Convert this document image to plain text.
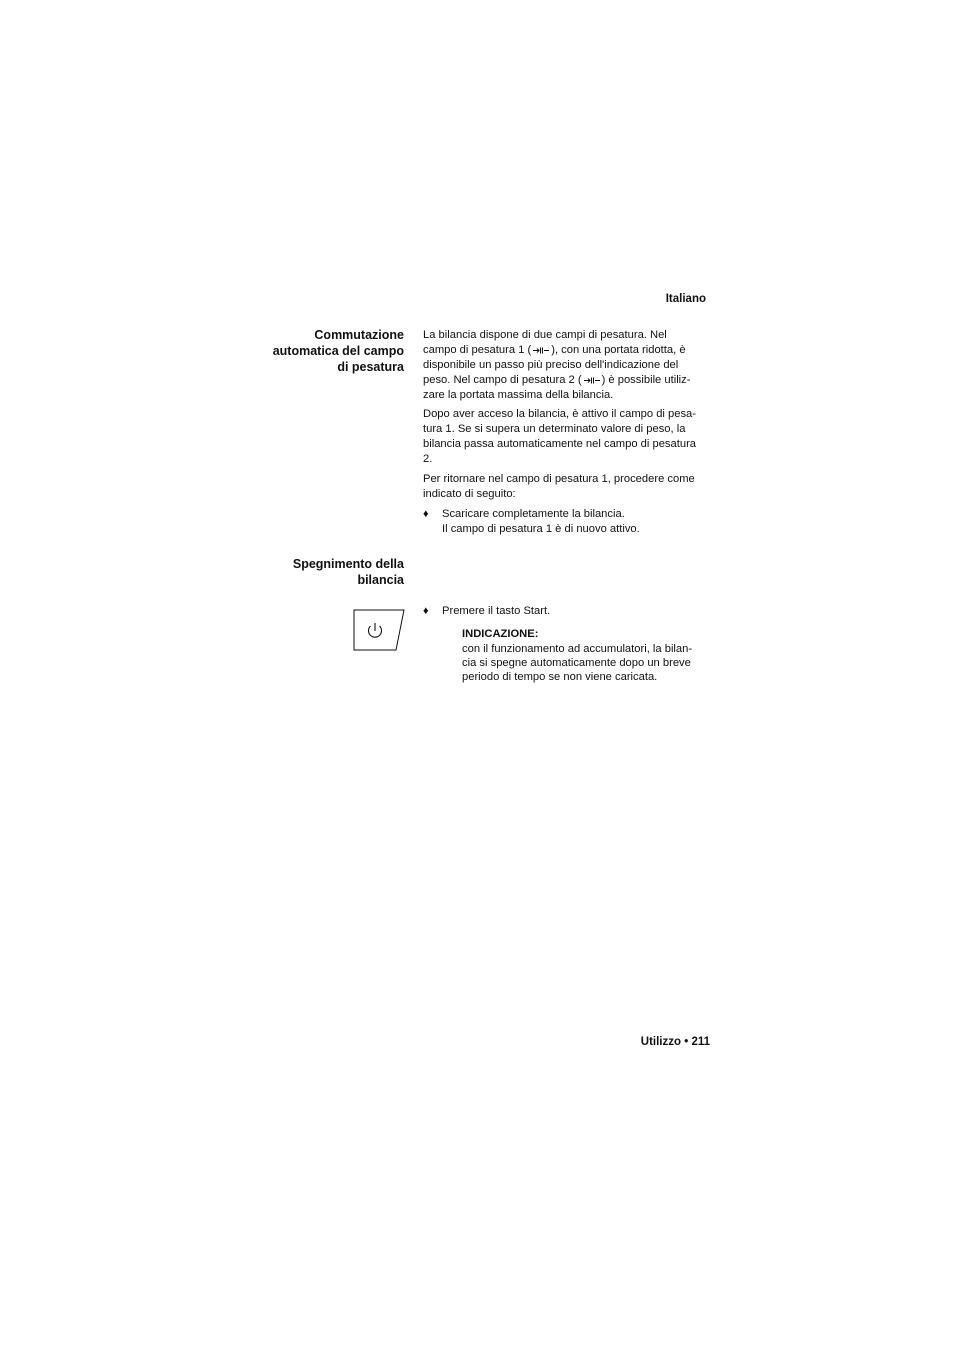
Italiano
Commutazione
automatica del campo
di pesatura
La bilancia dispone di due campi di pesatura. Nel
campo di pesatura 1 ( ), con una portata ridotta, è
disponibile un passo più preciso dell'indicazione del
peso. Nel campo di pesatura 2 ( ) è possibile utiliz-
zare la portata massima della bilancia.
Dopo aver acceso la bilancia, è attivo il campo di pesa-
tura 1. Se si supera un determinato valore di peso, la
bilancia passa automaticamente nel campo di pesatura
2.
Per ritornare nel campo di pesatura 1, procedere come
indicato di seguito:
♦ Scaricare completamente la bilancia.
Il campo di pesatura 1 è di nuovo attivo.
Spegnimento della
bilancia
♦ Premere il tasto Start.
INDICAZIONE:
con il funzionamento ad accumulatori, la bilan-
cia si spegne automaticamente dopo un breve
periodo di tempo se non viene caricata.
Utilizzo • 211
